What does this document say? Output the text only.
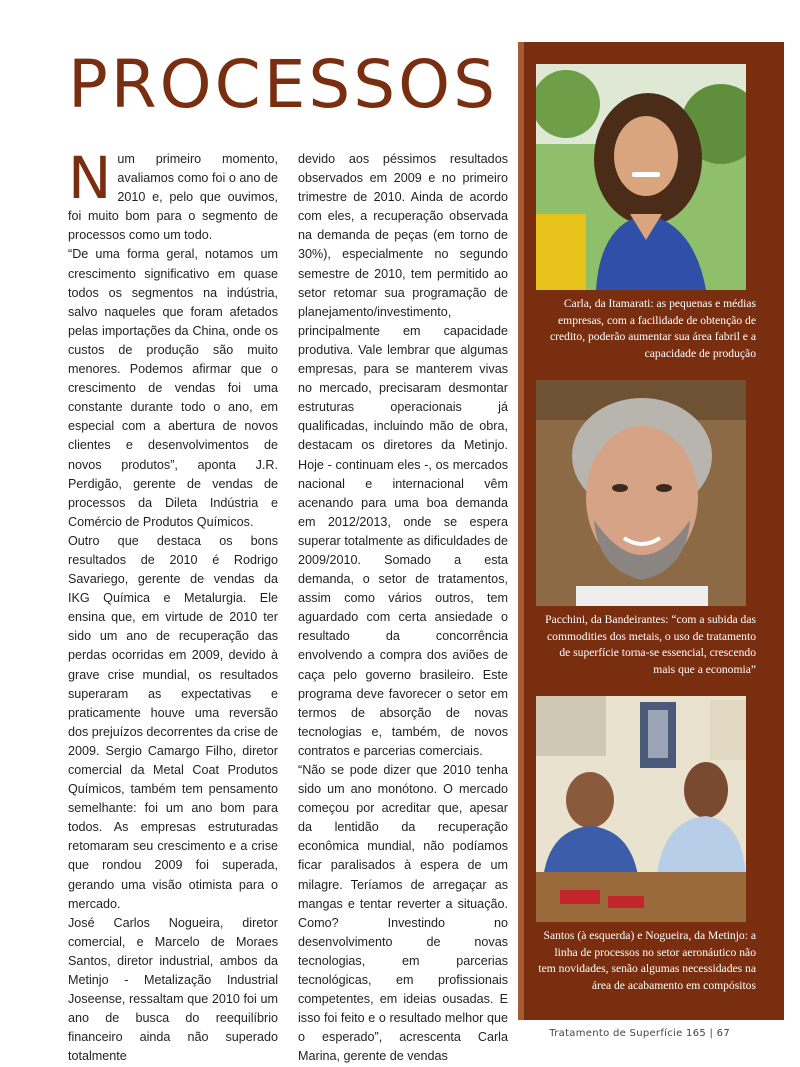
PROCESSOS

Num primeiro momento, avaliamos como foi o ano de 2010 e, pelo que ouvimos, foi muito bom para o segmento de processos como um todo.

“De uma forma geral, notamos um crescimento significativo em quase todos os segmentos na indústria, salvo naqueles que foram afetados pelas importações da China, onde os custos de produção são muito menores. Podemos afirmar que o crescimento de vendas foi uma constante durante todo o ano, em especial com a abertura de novos clientes e desenvolvimentos de novos produtos”, aponta J.R. Perdigão, gerente de vendas de processos da Dileta Indústria e Comércio de Produtos Químicos.

Outro que destaca os bons resultados de 2010 é Rodrigo Savariego, gerente de vendas da IKG Química e Metalurgia. Ele ensina que, em virtude de 2010 ter sido um ano de recuperação das perdas ocorridas em 2009, devido à grave crise mundial, os resultados superaram as expectativas e praticamente houve uma reversão dos prejuízos decorrentes da crise de 2009. Sergio Camargo Filho, diretor comercial da Metal Coat Produtos Químicos, também tem pensamento semelhante: foi um ano bom para todos. As empresas estruturadas retomaram seu crescimento e a crise que rondou 2009 foi superada, gerando uma visão otimista para o mercado.

José Carlos Nogueira, diretor comercial, e Marcelo de Moraes Santos, diretor industrial, ambos da Metinjo - Metalização Industrial Joseense, ressaltam que 2010 foi um ano de busca do reequilíbrio financeiro ainda não superado totalmente

devido aos péssimos resultados observados em 2009 e no primeiro trimestre de 2010. Ainda de acordo com eles, a recuperação observada na demanda de peças (em torno de 30%), especialmente no segundo semestre de 2010, tem permitido ao setor retomar sua programação de planejamento/investimento, principalmente em capacidade produtiva. Vale lembrar que algumas empresas, para se manterem vivas no mercado, precisaram desmontar estruturas operacionais já qualificadas, incluindo mão de obra, destacam os diretores da Metinjo. Hoje - continuam eles -, os mercados nacional e internacional vêm acenando para uma boa demanda em 2012/2013, onde se espera superar totalmente as dificuldades de 2009/2010. Somado a esta demanda, o setor de tratamentos, assim como vários outros, tem aguardado com certa ansiedade o resultado da concorrência envolvendo a compra dos aviões de caça pelo governo brasileiro. Este programa deve favorecer o setor em termos de absorção de novas tecnologias e, também, de novos contratos e parcerias comerciais.

“Não se pode dizer que 2010 tenha sido um ano monótono. O mercado começou por acreditar que, apesar da lentidão da recuperação econômica mundial, não podíamos ficar paralisados à espera de um milagre. Teríamos de arregaçar as mangas e tentar reverter a situação. Como? Investindo no desenvolvimento de novas tecnologias, em parcerias tecnológicas, em profissionais competentes, em ideias ousadas. E isso foi feito e o resultado melhor que o esperado”, acrescenta Carla Marina, gerente de vendas

Carla, da Itamarati: as pequenas e médias empresas, com a facilidade de obtenção de credito, poderão aumentar sua área fabril e a capacidade de produção

Pacchini, da Bandeirantes: “com a subida das commodities dos metais, o uso de tratamento de superfície torna-se essencial, crescendo mais que a economia”

Santos (à esquerda) e Nogueira, da Metinjo: a linha de processos no setor aeronáutico não tem novidades, senão algumas necessidades na área de acabamento em compósitos

Tratamento de Superfície 165 | 67
